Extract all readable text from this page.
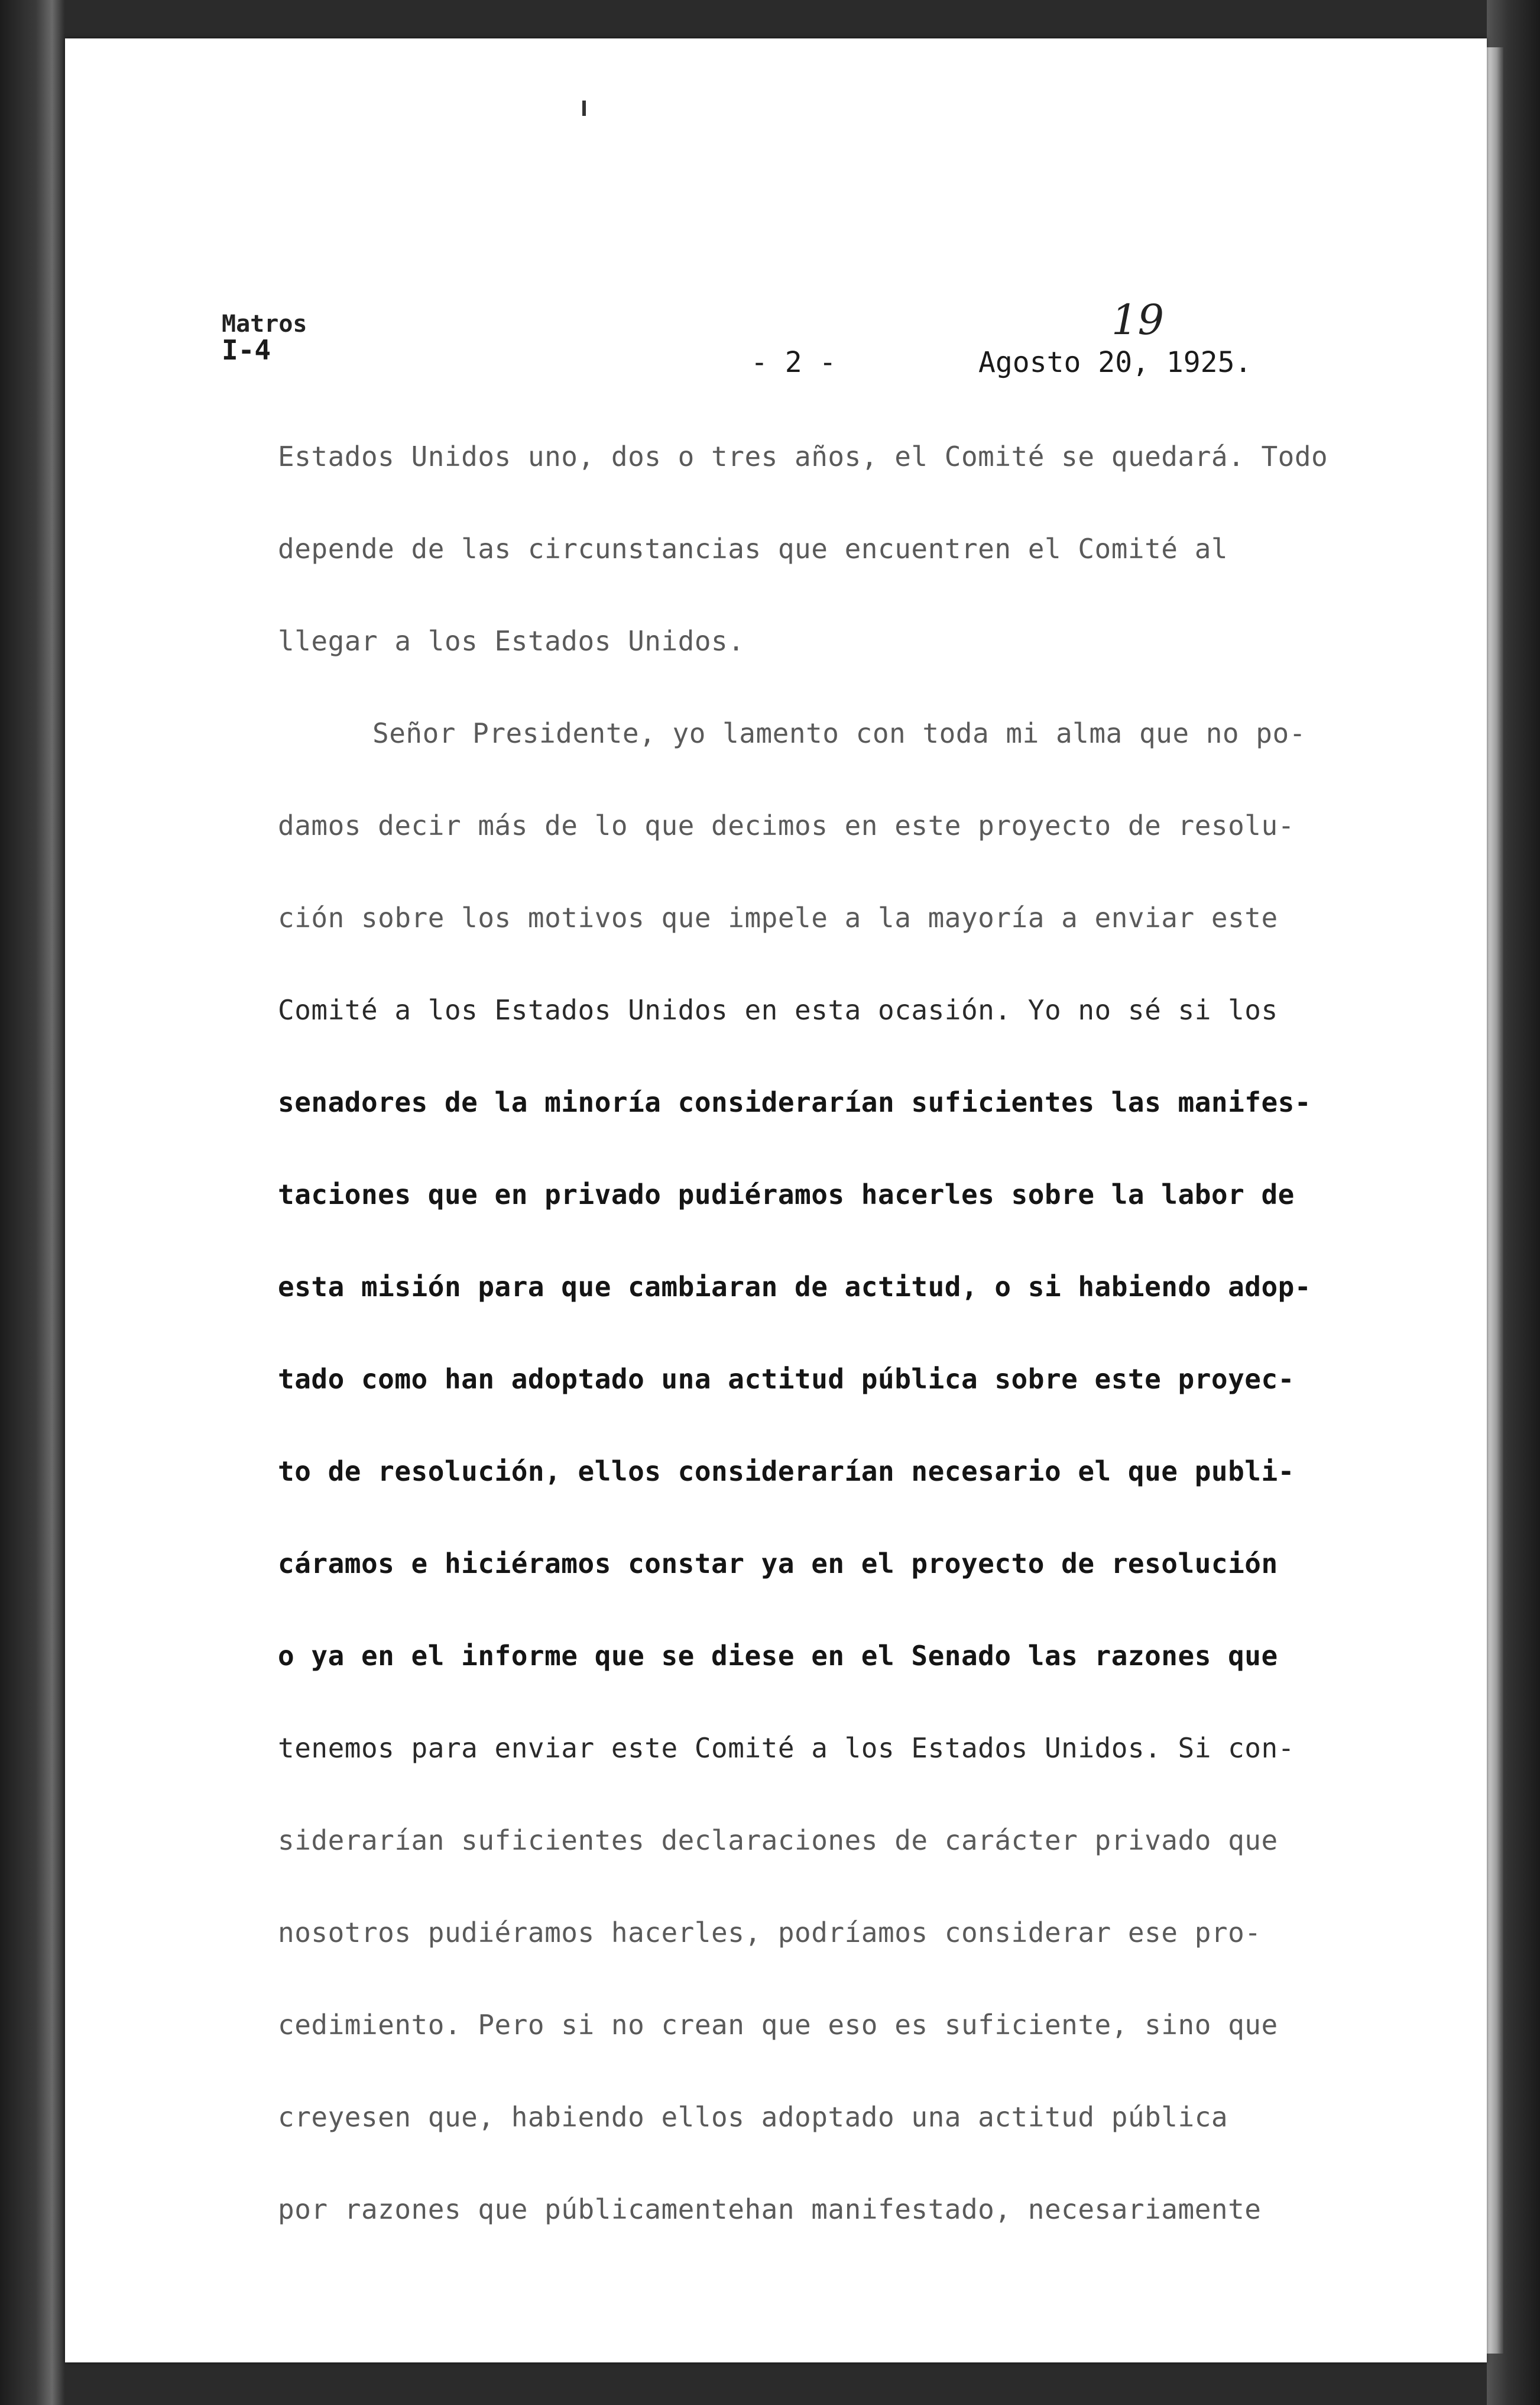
Matros
I-4	- 2 -
19
Agosto 20, 1925.
Estados Unidos uno, dos o tres años, el Comité se quedará. Todo
depende de las circunstancias que encuentren el Comité al
llegar a los Estados Unidos.
Señor Presidente, yo lamento con toda mi alma que no po-
damos decir más de lo que decimos en este proyecto de resolu-
ción sobre los motivos que impele a la mayoría a enviar este
Comité a los Estados Unidos en esta ocasión. Yo no sé si los
senadores de la minoría considerarían suficientes las manifes-
taciones que en privado pudiéramos hacerles sobre la labor de
esta misión para que cambiaran de actitud, o si habiendo adop-
tado como han adoptado una actitud pública sobre este proyec-
to de resolución, ellos considerarían necesario el que publi-
cáramos e hiciéramos constar ya en el proyecto de resolución
o ya en el informe que se diese en el Senado las razones que
tenemos para enviar este Comité a los Estados Unidos. Si con-
siderarían suficientes declaraciones de carácter privado que
nosotros pudiéramos hacerles, podríamos considerar ese pro-
cedimiento. Pero si no crean que eso es suficiente, sino que
creyesen que, habiendo ellos adoptado una actitud pública
por razones que públicamentehan manifestado, necesariamente
